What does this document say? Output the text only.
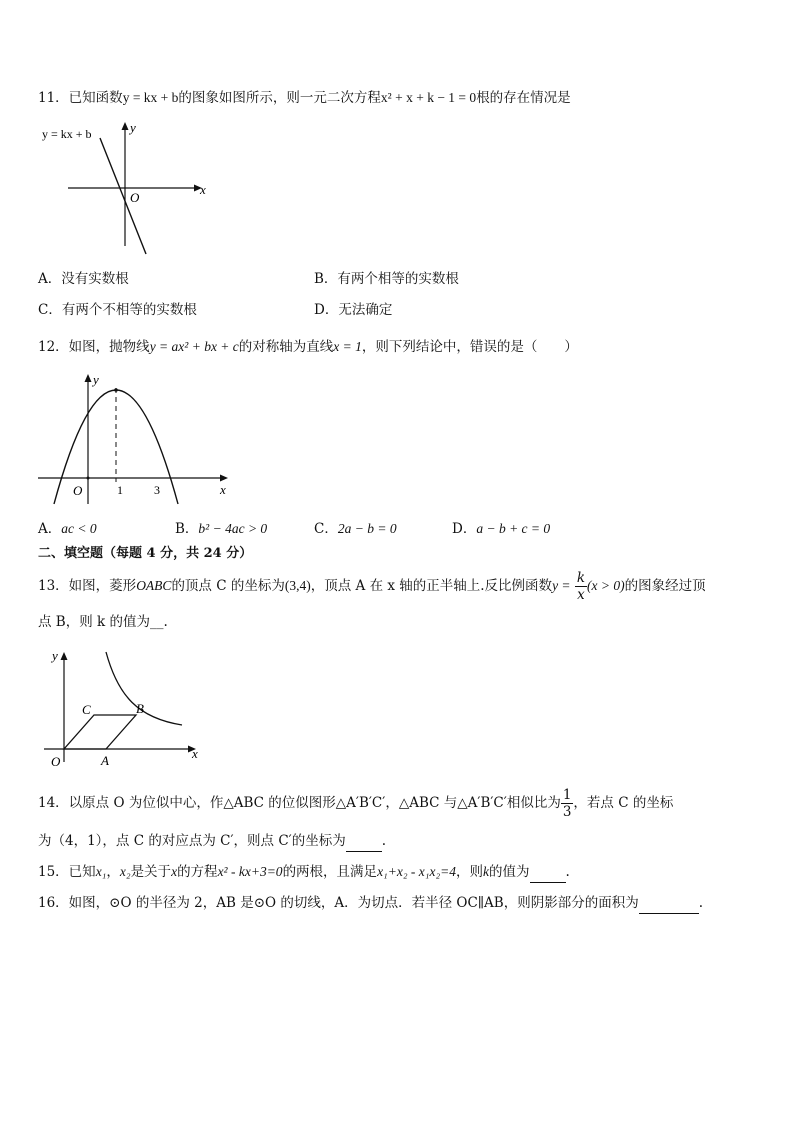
11．已知函数y = kx + b的图象如图所示，则一元二次方程x² + x + k − 1 = 0根的存在情况是
y = kx + b	y
x
O
A．没有实数根	B．有两个相等的实数根
C．有两个不相等的实数根	D．无法确定
12．如图，抛物线y = ax² + bx + c的对称轴为直线x = 1，则下列结论中，错误的是（　　）
O	1	3
y
x
A．ac < 0	B．b² − 4ac > 0	C．2a − b = 0	D．a − b + c = 0
二、填空题（每题 4 分，共 24 分）
13．如图，菱形OABC的顶点 C 的坐标为(3,4)，顶点 A 在 x 轴的正半轴上.反比例函数$y = \frac{k}{x} (x > 0)$的图象经过顶
点 B，则 k 的值为__.
y
x
O	A
B
C
14．以原点 O 为位似中心，作△ABC 的位似图形△A′B′C′，△ABC 与△A′B′C′相似比为 $\frac{1}{3}$ ，若点 C 的坐标
为（4，1），点 C 的对应点为 C′，则点 C′的坐标为	.
15．已知x₁，x₂是关于x的方程x² - kx+3=0的两根，且满足x₁+x₂ - x₁x₂=4，则k的值为	.
16．如图，⊙O 的半径为 2，AB 是⊙O 的切线，A．为切点．若半径 OC∥AB，则阴影部分的面积为	.
